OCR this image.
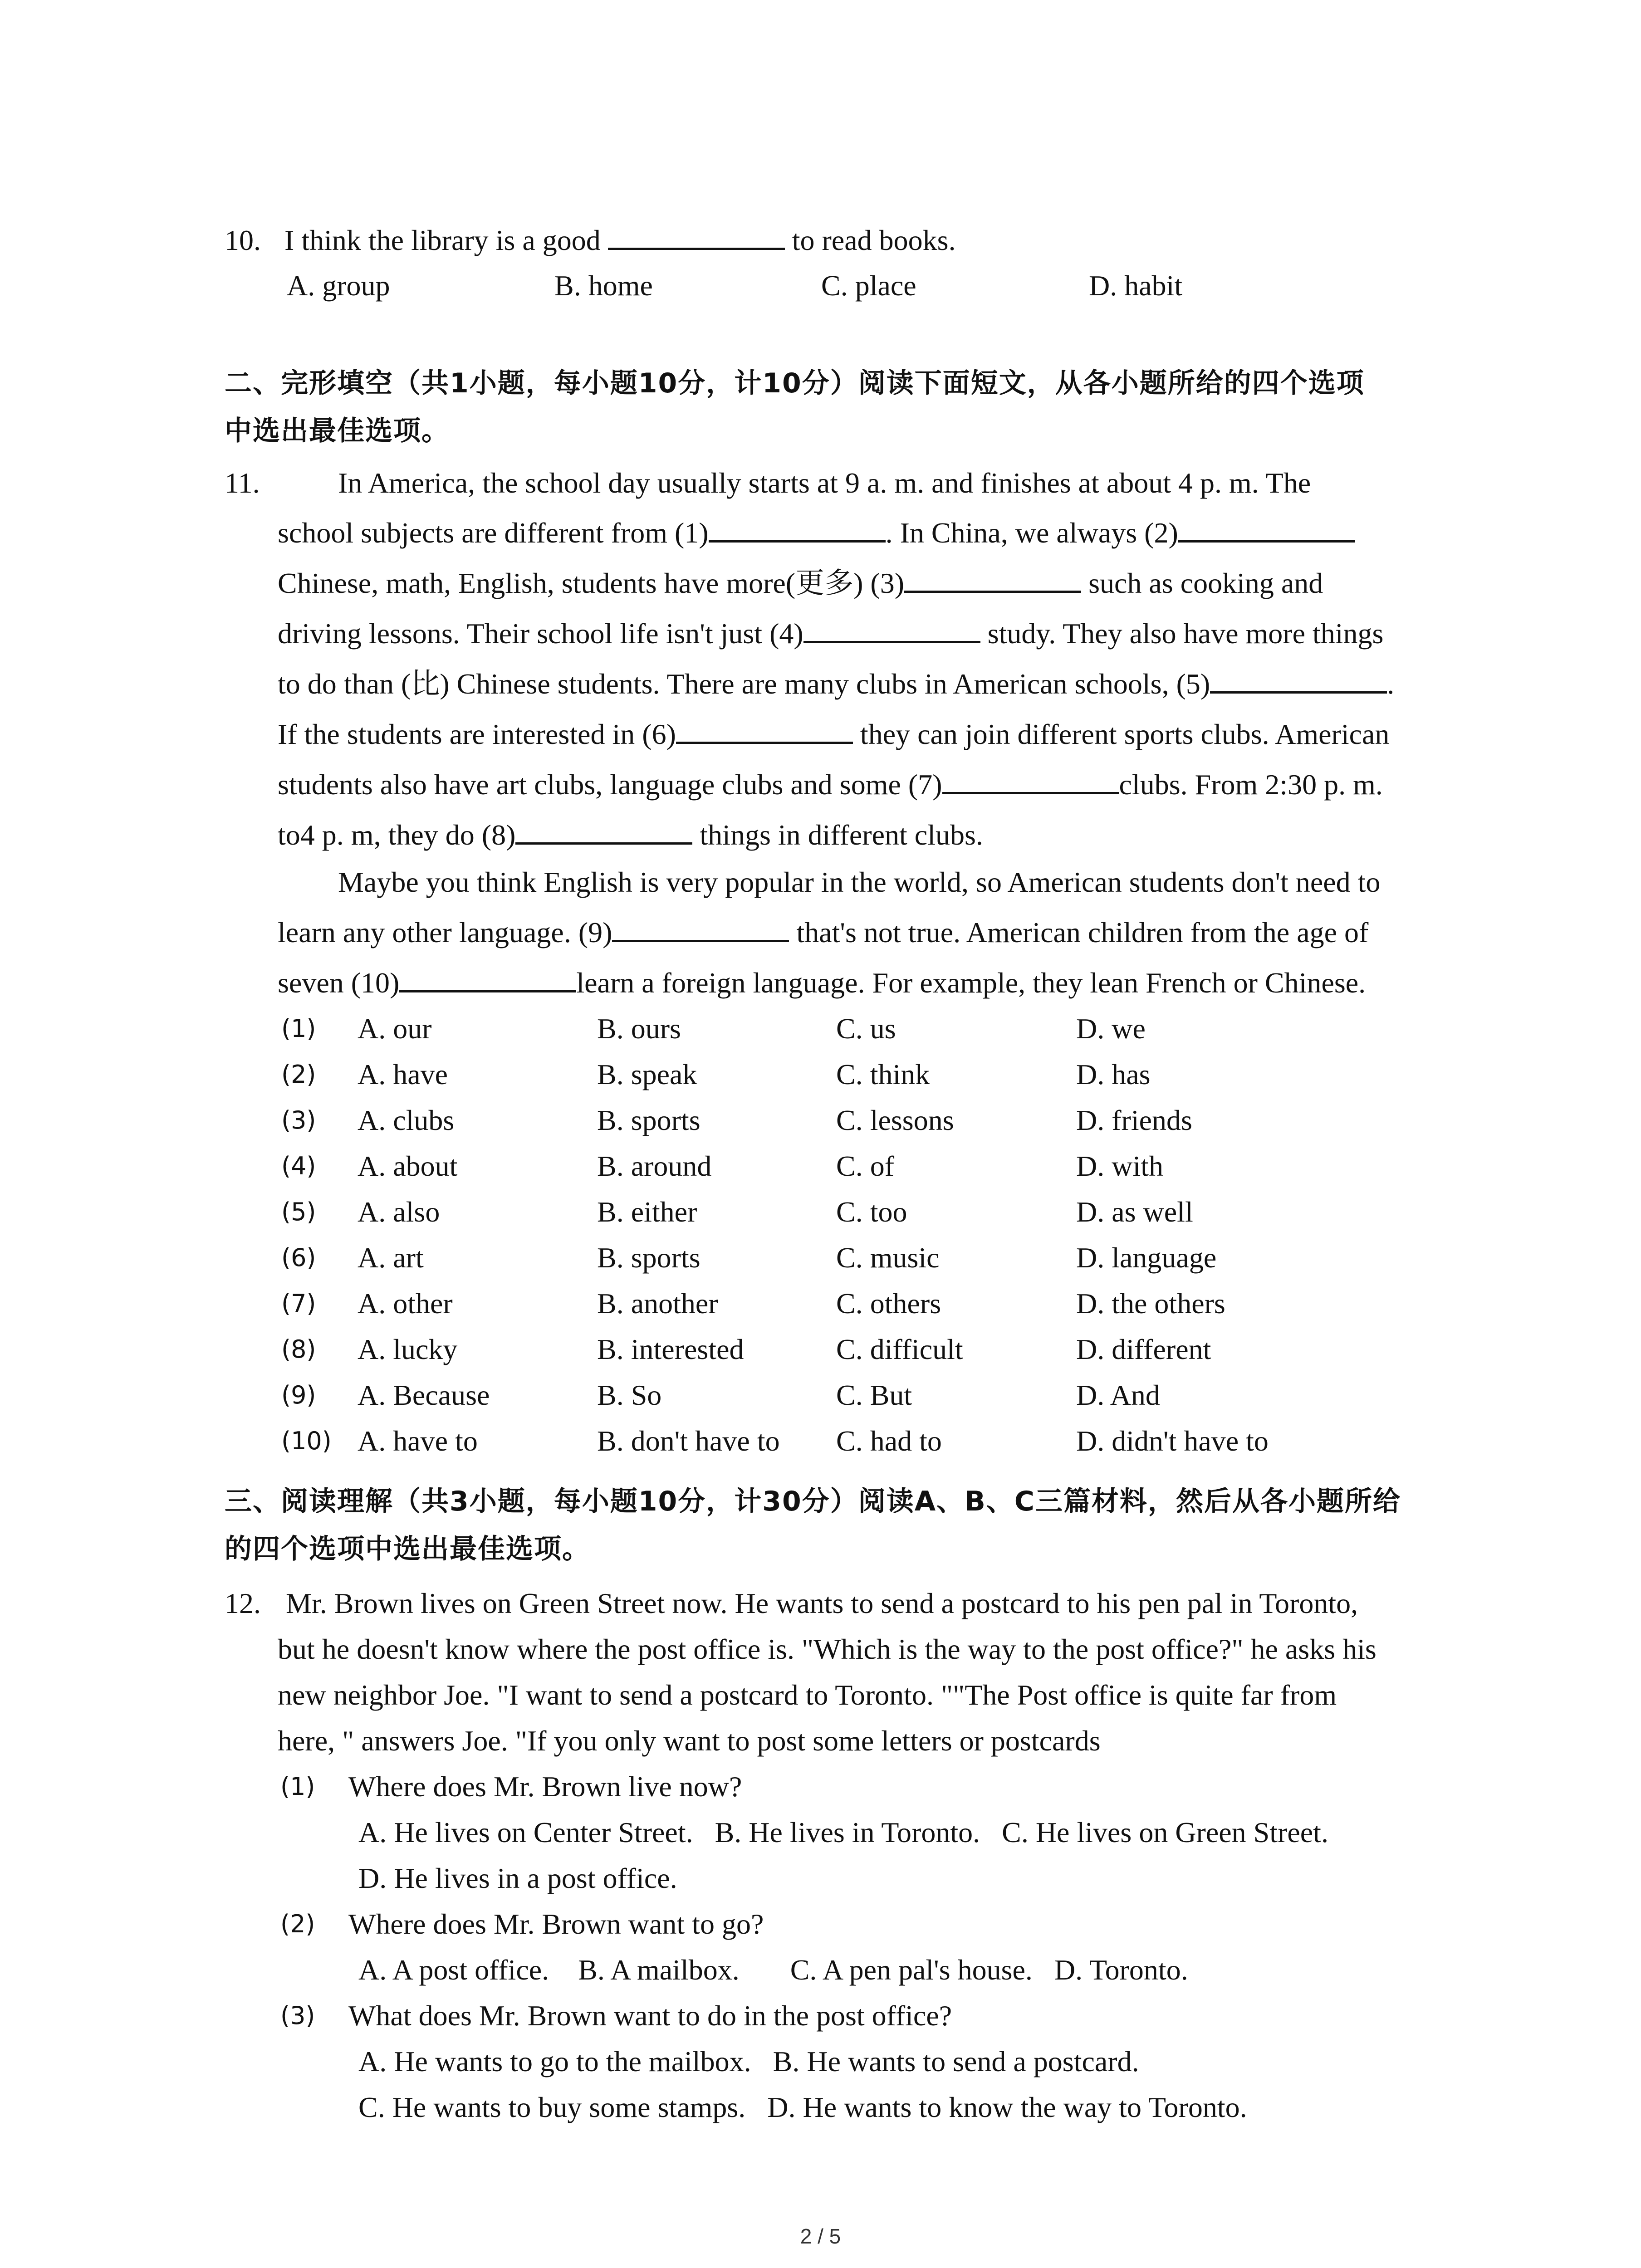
10. I think the library is a good	to read books.
A. group	B. home	C. place	D. habit
二、完形填空（共1小题，每小题10分，计10分）阅读下面短文，从各小题所给的四个选项
中选出最佳选项。
11.	In America, the school day usually starts at 9 a. m. and finishes at about 4 p. m. The
school subjects are different from (1)	. In China, we always (2)
Chinese, math, English, students have more(更多) (3)	such as cooking and
driving lessons. Their school life isn't just (4)	study. They also have more things
to do than (比) Chinese students. There are many clubs in American schools, (5)	.
If the students are interested in (6)	they can join different sports clubs. American
students also have art clubs, language clubs and some (7)	clubs. From 2:30 p. m.
to4 p. m, they do (8)	things in different clubs.
Maybe you think English is very popular in the world, so American students don't need to
learn any other language. (9)	that's not true. American children from the age of
seven (10)	learn a foreign language. For example, they lean French or Chinese.
(1) A. our	B. ours	C. us	D. we
(2) A. have	B. speak	C. think	D. has
(3) A. clubs	B. sports	C. lessons	D. friends
(4) A. about	B. around	C. of	D. with
(5) A. also	B. either	C. too	D. as well
(6) A. art	B. sports	C. music	D. language
(7) A. other	B. another	C. others	D. the others
(8) A. lucky	B. interested	C. difficult	D. different
(9) A. Because	B. So	C. But	D. And
(10) A. have to	B. don't have to C. had to	D. didn't have to
三、阅读理解（共3小题，每小题10分，计30分）阅读A、B、C三篇材料，然后从各小题所给
的四个选项中选出最佳选项。
12. Mr. Brown lives on Green Street now. He wants to send a postcard to his pen pal in Toronto,
but he doesn't know where the post office is. "Which is the way to the post office?" he asks his
new neighbor Joe. "I want to send a postcard to Toronto. ""The Post office is quite far from
here, " answers Joe. "If you only want to post some letters or postcards
(1) Where does Mr. Brown live now?
A. He lives on Center Street. B. He lives in Toronto. C. He lives on Green Street.
D. He lives in a post office.
(2) Where does Mr. Brown want to go?
A. A post office. B. A mailbox. C. A pen pal's house. D. Toronto.
(3) What does Mr. Brown want to do in the post office?
A. He wants to go to the mailbox. B. He wants to send a postcard.
C. He wants to buy some stamps. D. He wants to know the way to Toronto.
2 / 5
